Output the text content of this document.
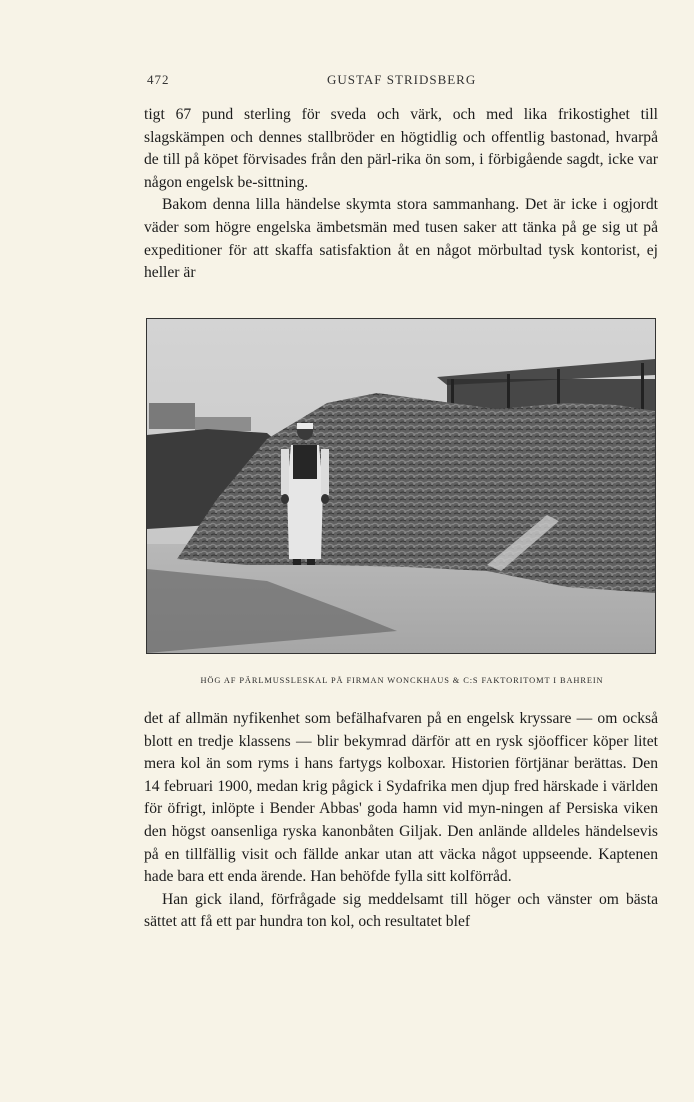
472	GUSTAF STRIDSBERG

tigt 67 pund sterling för sveda och värk, och med lika frikostighet till slagskämpen och dennes stallbröder en högtidlig och offentlig bastonad, hvarpå de till på köpet förvisades från den pärl-rika ön som, i förbigående sagdt, icke var någon engelsk be-sittning.

Bakom denna lilla händelse skymta stora sammanhang. Det är icke i ogjordt väder som högre engelska ämbetsmän med tusen saker att tänka på ge sig ut på expeditioner för att skaffa satisfaktion åt en något mörbultad tysk kontorist, ej heller är

HÖG AF PÄRLMUSSLESKAL PÅ FIRMAN WONCKHAUS & C:S FAKTORITOMT I BAHREIN

det af allmän nyfikenhet som befälhafvaren på en engelsk kryssare — om också blott en tredje klassens — blir bekymrad därför att en rysk sjöofficer köper litet mera kol än som ryms i hans fartygs kolboxar. Historien förtjänar berättas. Den 14 februari 1900, medan krig pågick i Sydafrika men djup fred härskade i världen för öfrigt, inlöpte i Bender Abbas' goda hamn vid myn-ningen af Persiska viken den högst oansenliga ryska kanonbåten Giljak. Den anlände alldeles händelsevis på en tillfällig visit och fällde ankar utan att väcka något uppseende. Kaptenen hade bara ett enda ärende. Han behöfde fylla sitt kolförråd.

Han gick iland, förfrågade sig meddelsamt till höger och vänster om bästa sättet att få ett par hundra ton kol, och resultatet blef
